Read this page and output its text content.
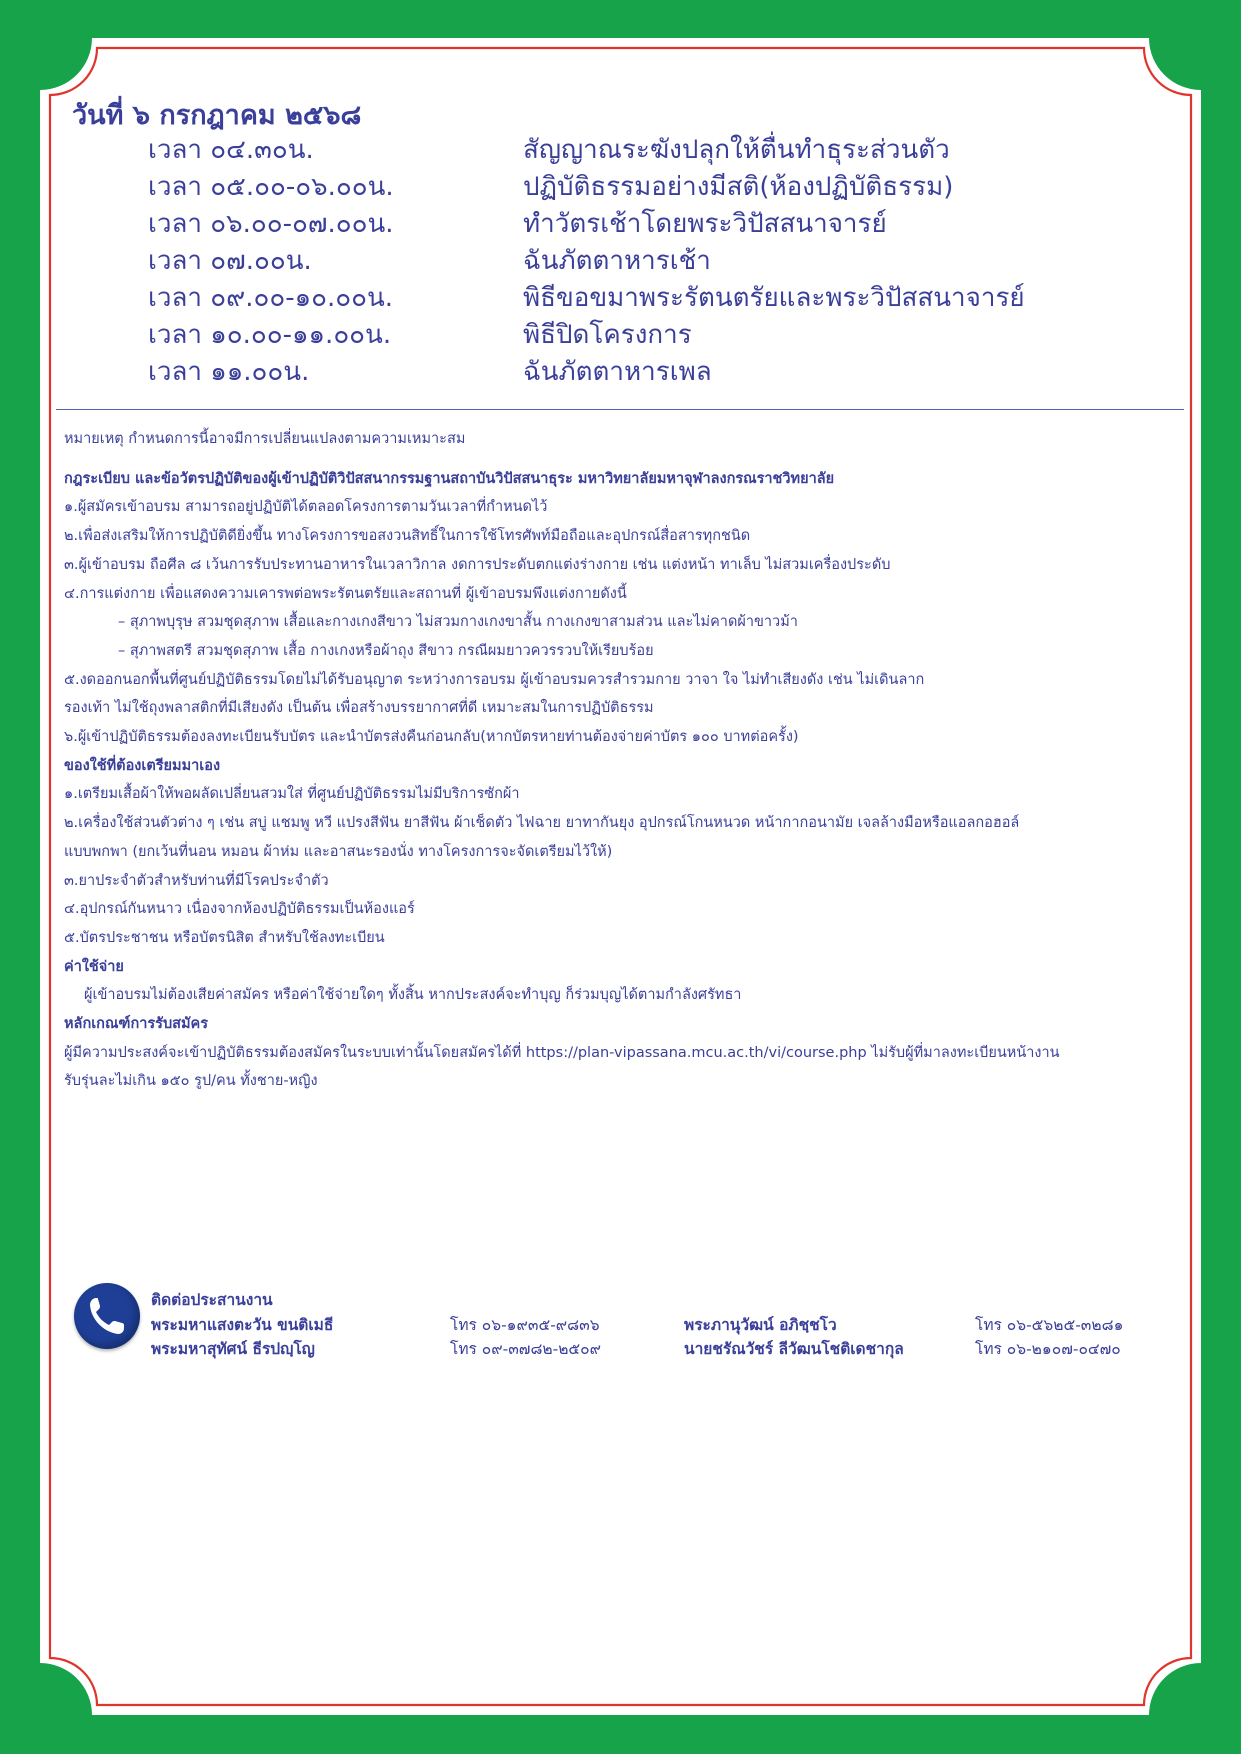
วันที่ ๖ กรกฎาคม ๒๕๖๘
เวลา ๐๔.๓๐น.	สัญญาณระฆังปลุกให้ตื่นทำธุระส่วนตัว
เวลา ๐๕.๐๐-๐๖.๐๐น.	ปฏิบัติธรรมอย่างมีสติ(ห้องปฏิบัติธรรม)
เวลา ๐๖.๐๐-๐๗.๐๐น.	ทำวัตรเช้าโดยพระวิปัสสนาจารย์
เวลา ๐๗.๐๐น.	ฉันภัตตาหารเช้า
เวลา ๐๙.๐๐-๑๐.๐๐น.	พิธีขอขมาพระรัตนตรัยและพระวิปัสสนาจารย์
เวลา ๑๐.๐๐-๑๑.๐๐น.	พิธีปิดโครงการ
เวลา ๑๑.๐๐น.	ฉันภัตตาหารเพล

หมายเหตุ กำหนดการนี้อาจมีการเปลี่ยนแปลงตามความเหมาะสม

กฎระเบียบ และข้อวัตรปฏิบัติของผู้เข้าปฏิบัติวิปัสสนากรรมฐานสถาบันวิปัสสนาธุระ มหาวิทยาลัยมหาจุฬาลงกรณราชวิทยาลัย

๑.ผู้สมัครเข้าอบรม สามารถอยู่ปฏิบัติได้ตลอดโครงการตามวันเวลาที่กำหนดไว้

๒.เพื่อส่งเสริมให้การปฏิบัติดียิ่งขึ้น ทางโครงการขอสงวนสิทธิ์ในการใช้โทรศัพท์มือถือและอุปกรณ์สื่อสารทุกชนิด

๓.ผู้เข้าอบรม ถือศีล ๘ เว้นการรับประทานอาหารในเวลาวิกาล งดการประดับตกแต่งร่างกาย เช่น แต่งหน้า ทาเล็บ ไม่สวมเครื่องประดับ

๔.การแต่งกาย เพื่อแสดงความเคารพต่อพระรัตนตรัยและสถานที่ ผู้เข้าอบรมพึงแต่งกายดังนี้

– สุภาพบุรุษ สวมชุดสุภาพ เสื้อและกางเกงสีขาว ไม่สวมกางเกงขาสั้น กางเกงขาสามส่วน และไม่คาดผ้าขาวม้า

– สุภาพสตรี สวมชุดสุภาพ เสื้อ กางเกงหรือผ้าถุง สีขาว กรณีผมยาวควรรวบให้เรียบร้อย

๕.งดออกนอกพื้นที่ศูนย์ปฏิบัติธรรมโดยไม่ได้รับอนุญาต ระหว่างการอบรม ผู้เข้าอบรมควรสำรวมกาย วาจา ใจ ไม่ทำเสียงดัง เช่น ไม่เดินลาก

รองเท้า ไม่ใช้ถุงพลาสติกที่มีเสียงดัง เป็นต้น เพื่อสร้างบรรยากาศที่ดี เหมาะสมในการปฏิบัติธรรม

๖.ผู้เข้าปฏิบัติธรรมต้องลงทะเบียนรับบัตร และนำบัตรส่งคืนก่อนกลับ(หากบัตรหายท่านต้องจ่ายค่าบัตร ๑๐๐ บาทต่อครั้ง)

ของใช้ที่ต้องเตรียมมาเอง

๑.เตรียมเสื้อผ้าให้พอผลัดเปลี่ยนสวมใส่ ที่ศูนย์ปฏิบัติธรรมไม่มีบริการซักผ้า

๒.เครื่องใช้ส่วนตัวต่าง ๆ เช่น สบู่ แชมพู หวี แปรงสีฟัน ยาสีฟัน ผ้าเช็ดตัว ไฟฉาย ยาทากันยุง อุปกรณ์โกนหนวด หน้ากากอนามัย เจลล้างมือหรือแอลกอฮอล์

แบบพกพา (ยกเว้นที่นอน หมอน ผ้าห่ม และอาสนะรองนั่ง ทางโครงการจะจัดเตรียมไว้ให้)

๓.ยาประจำตัวสำหรับท่านที่มีโรคประจำตัว

๔.อุปกรณ์กันหนาว เนื่องจากห้องปฏิบัติธรรมเป็นห้องแอร์

๕.บัตรประชาชน หรือบัตรนิสิต สำหรับใช้ลงทะเบียน

ค่าใช้จ่าย

ผู้เข้าอบรมไม่ต้องเสียค่าสมัคร หรือค่าใช้จ่ายใดๆ ทั้งสิ้น หากประสงค์จะทำบุญ ก็ร่วมบุญได้ตามกำลังศรัทธา

หลักเกณฑ์การรับสมัคร

ผู้มีความประสงค์จะเข้าปฏิบัติธรรมต้องสมัครในระบบเท่านั้นโดยสมัครได้ที่ https://plan-vipassana.mcu.ac.th/vi/course.php ไม่รับผู้ที่มาลงทะเบียนหน้างาน

รับรุ่นละไม่เกิน ๑๕๐ รูป/คน ทั้งชาย-หญิง

ติดต่อประสานงาน
พระมหาแสงตะวัน ขนติเมธี	โทร ๐๖-๑๙๓๕-๙๘๓๖	พระภานุวัฒน์ อภิชฺชโว	โทร ๐๖-๕๖๒๕-๓๒๘๑
พระมหาสุทัศน์ ธีรปญฺโญ	โทร ๐๙-๓๗๘๒-๒๕๐๙	นายชรัณวัชร์ ลีวัฒนโชติเดชากุล	โทร ๐๖-๒๑๐๗-๐๔๗๐
